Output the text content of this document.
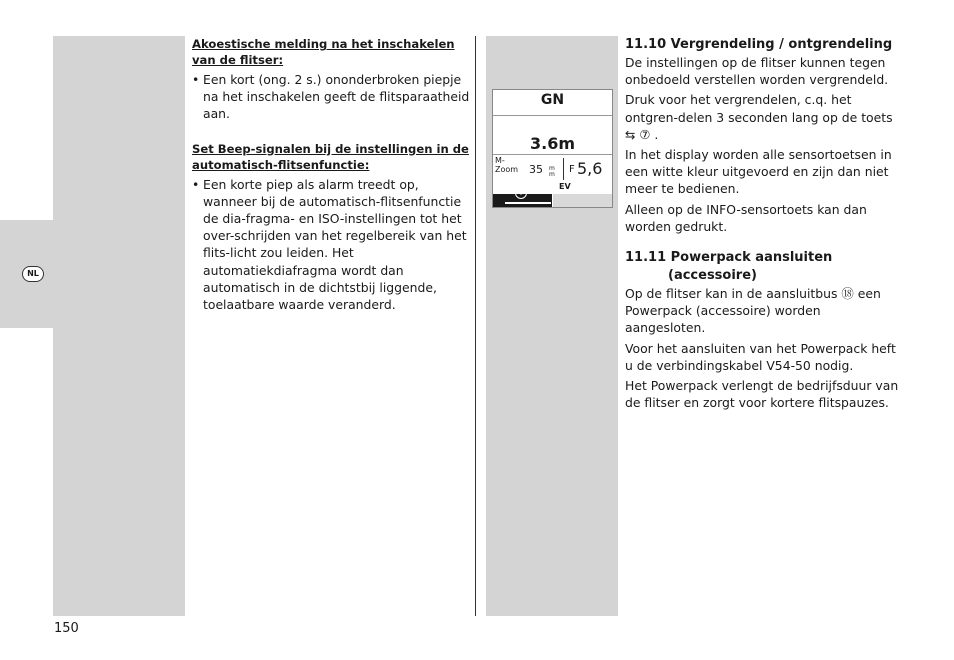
NL

Akoestische melding na het inschakelen van de flitser:

• Een kort (ong. 2 s.) ononderbroken piepje na het inschakelen geeft de flitsparaatheid aan.

Set Beep-signalen bij de instellingen in de automatisch-flitsenfunctie:

• Een korte piep als alarm treedt op, wanneer bij de automatisch-flitsenfunctie de dia-fragma- en ISO-instellingen tot het over-schrijden van het regelbereik van het flits-licht zou leiden. Het automatiekdiafragma wordt dan automatisch in de dichtstbij liggende, toelaatbare waarde veranderd.

GN
3.6m
M-
Zoom 35 m
m F 5,6
i
EV

11.10 Vergrendeling / ontgrendeling

De instellingen op de flitser kunnen tegen onbedoeld verstellen worden vergrendeld.

Druk voor het vergrendelen, c.q. het ontgren-delen 3 seconden lang op de toets ⇆ ⑦ .

In het display worden alle sensortoetsen in een witte kleur uitgevoerd en zijn dan niet meer te bedienen.

Alleen op de INFO-sensortoets kan dan worden gedrukt.

11.11 Powerpack aansluiten

(accessoire)

Op de flitser kan in de aansluitbus ⑱ een Powerpack (accessoire) worden aangesloten.

Voor het aansluiten van het Powerpack heft u de verbindingskabel V54-50 nodig.

Het Powerpack verlengt de bedrijfsduur van de flitser en zorgt voor kortere flitspauzes.

150
